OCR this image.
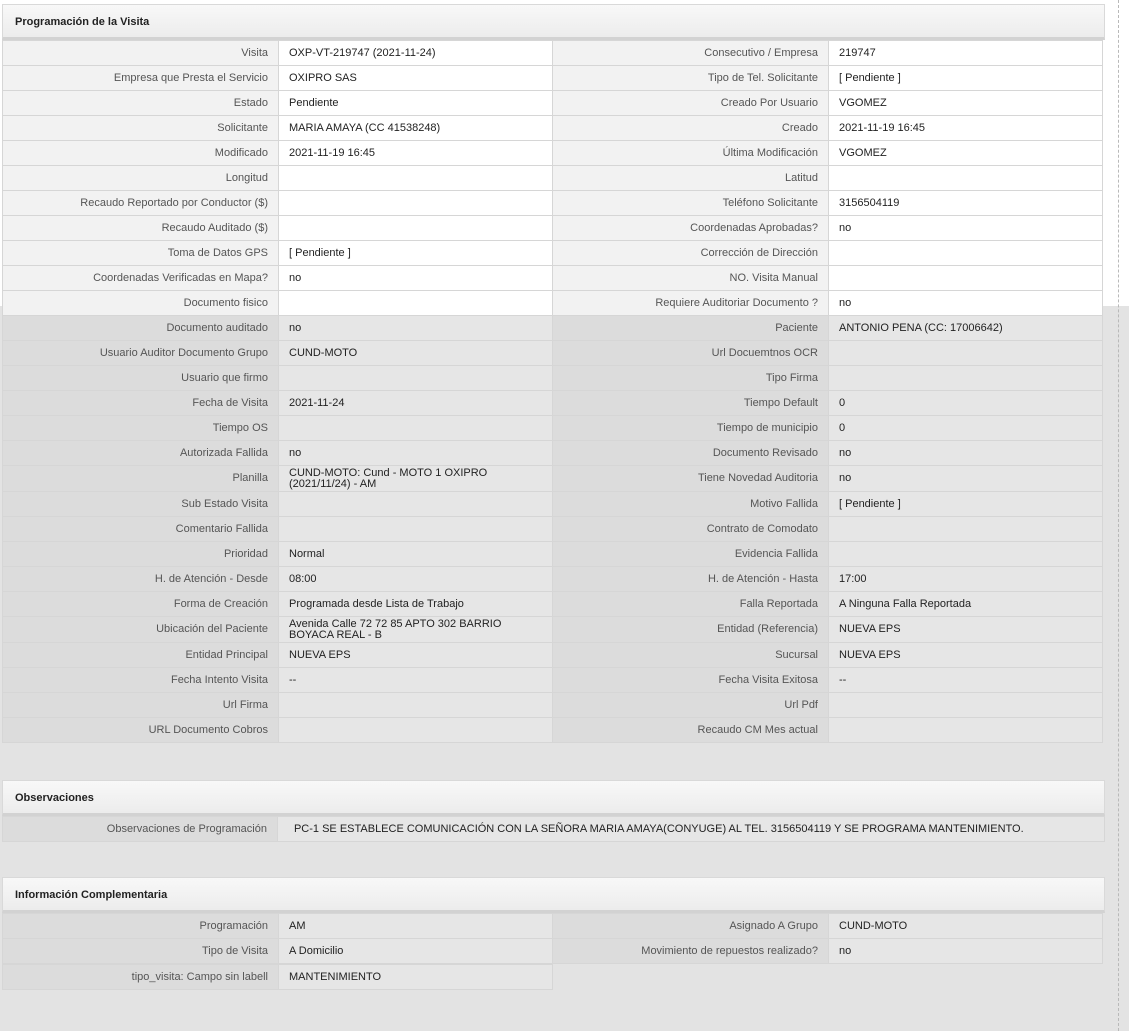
Programación de la Visita
Visita	OXP-VT-219747 (2021-11-24)	Consecutivo / Empresa	219747
Empresa que Presta el Servicio	OXIPRO SAS	Tipo de Tel. Solicitante	[ Pendiente ]
Estado	Pendiente	Creado Por Usuario	VGOMEZ
Solicitante	MARIA AMAYA (CC 41538248)	Creado	2021-11-19 16:45
Modificado	2021-11-19 16:45	Última Modificación	VGOMEZ
Longitud		Latitud	
Recaudo Reportado por Conductor ($)		Teléfono Solicitante	3156504119
Recaudo Auditado ($)		Coordenadas Aprobadas?	no
Toma de Datos GPS	[ Pendiente ]	Corrección de Dirección	
Coordenadas Verificadas en Mapa?	no	NO. Visita Manual	
Documento fisico		Requiere Auditoriar Documento ?	no
Documento auditado	no	Paciente	ANTONIO PENA (CC: 17006642)
Usuario Auditor Documento Grupo	CUND-MOTO	Url Docuemtnos OCR	
Usuario que firmo		Tipo Firma	
Fecha de Visita	2021-11-24	Tiempo Default	0
Tiempo OS		Tiempo de municipio	0
Autorizada Fallida	no	Documento Revisado	no
Planilla	CUND-MOTO: Cund - MOTO 1 OXIPRO (2021/11/24) - AM	Tiene Novedad Auditoria	no
Sub Estado Visita		Motivo Fallida	[ Pendiente ]
Comentario Fallida		Contrato de Comodato	
Prioridad	Normal	Evidencia Fallida	
H. de Atención - Desde	08:00	H. de Atención - Hasta	17:00
Forma de Creación	Programada desde Lista de Trabajo	Falla Reportada	A Ninguna Falla Reportada
Ubicación del Paciente	Avenida Calle 72 72 85 APTO 302 BARRIO BOYACA REAL - B	Entidad (Referencia)	NUEVA EPS
Entidad Principal	NUEVA EPS	Sucursal	NUEVA EPS
Fecha Intento Visita	--	Fecha Visita Exitosa	--
Url Firma		Url Pdf	
URL Documento Cobros		Recaudo CM Mes actual	
Observaciones
Observaciones de Programación	PC-1 SE ESTABLECE COMUNICACIÓN CON LA SEÑORA MARIA AMAYA(CONYUGE) AL TEL. 3156504119 Y SE PROGRAMA MANTENIMIENTO.
Información Complementaria
Programación	AM	Asignado A Grupo	CUND-MOTO
Tipo de Visita	A Domicilio	Movimiento de repuestos realizado?	no
tipo_visita: Campo sin labell	MANTENIMIENTO
